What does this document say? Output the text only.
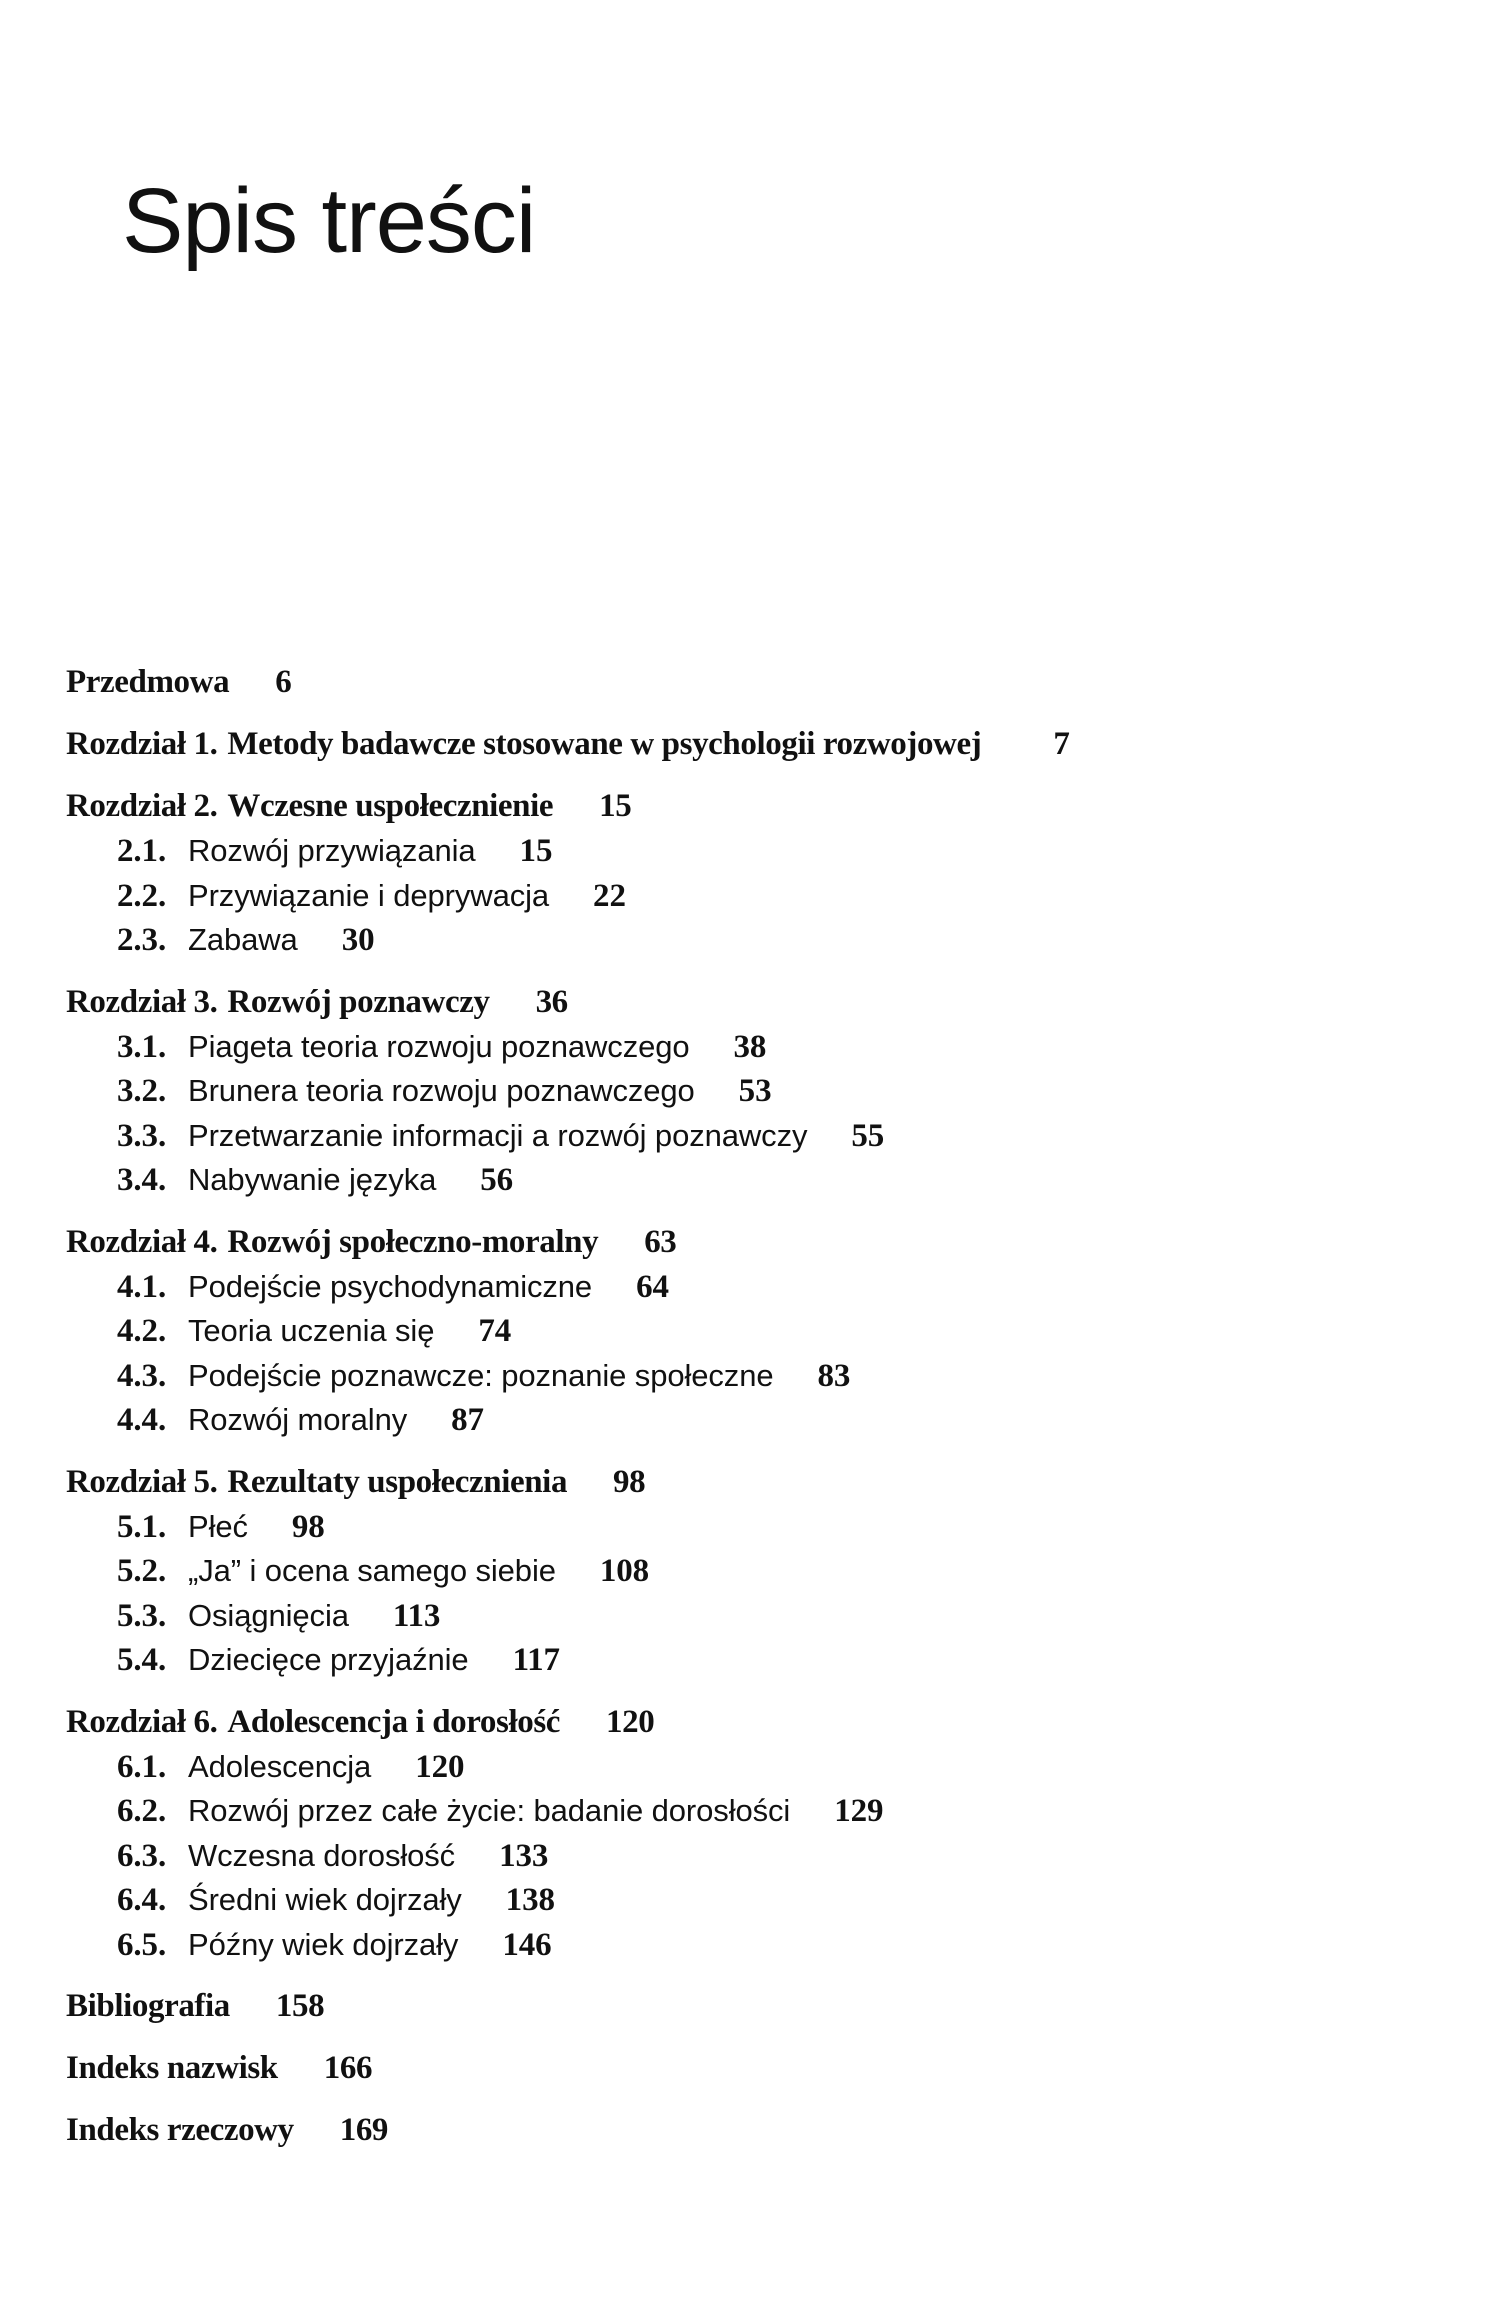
Spis treści
Przedmowa 6
Rozdział 1. Metody badawcze stosowane w psychologii rozwojowej 7
Rozdział 2. Wczesne uspołecznienie 15
2.1. Rozwój przywiązania 15
2.2. Przywiązanie i deprywacja 22
2.3. Zabawa 30
Rozdział 3. Rozwój poznawczy 36
3.1. Piageta teoria rozwoju poznawczego 38
3.2. Brunera teoria rozwoju poznawczego 53
3.3. Przetwarzanie informacji a rozwój poznawczy 55
3.4. Nabywanie języka 56
Rozdział 4. Rozwój społeczno-moralny 63
4.1. Podejście psychodynamiczne 64
4.2. Teoria uczenia się 74
4.3. Podejście poznawcze: poznanie społeczne 83
4.4. Rozwój moralny 87
Rozdział 5. Rezultaty uspołecznienia 98
5.1. Płeć 98
5.2. „Ja” i ocena samego siebie 108
5.3. Osiągnięcia 113
5.4. Dziecięce przyjaźnie 117
Rozdział 6. Adolescencja i dorosłość 120
6.1. Adolescencja 120
6.2. Rozwój przez całe życie: badanie dorosłości 129
6.3. Wczesna dorosłość 133
6.4. Średni wiek dojrzały 138
6.5. Późny wiek dojrzały 146
Bibliografia 158
Indeks nazwisk 166
Indeks rzeczowy 169
